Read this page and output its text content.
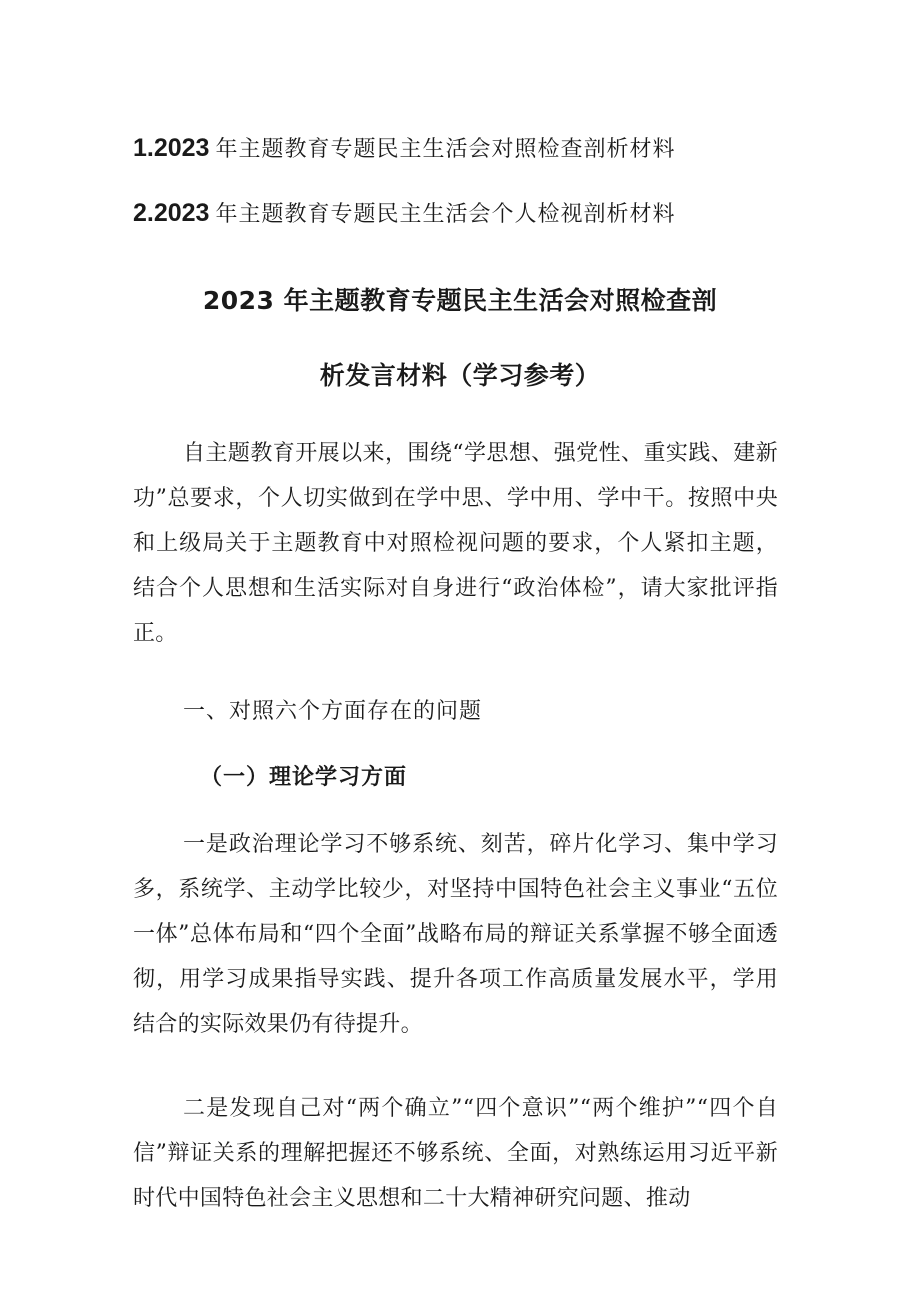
1.2023 年主题教育专题民主生活会对照检查剖析材料
2.2023 年主题教育专题民主生活会个人检视剖析材料
2023 年主题教育专题民主生活会对照检查剖
析发言材料（学习参考）
自主题教育开展以来，围绕“学思想、强党性、重实践、建新功”总要求，个人切实做到在学中思、学中用、学中干。按照中央和上级局关于主题教育中对照检视问题的要求，个人紧扣主题，结合个人思想和生活实际对自身进行“政治体检”，请大家批评指正。
一、对照六个方面存在的问题
（一）理论学习方面
一是政治理论学习不够系统、刻苦，碎片化学习、集中学习多，系统学、主动学比较少，对坚持中国特色社会主义事业“五位一体”总体布局和“四个全面”战略布局的辩证关系掌握不够全面透彻，用学习成果指导实践、提升各项工作高质量发展水平，学用结合的实际效果仍有待提升。
二是发现自己对“两个确立”“四个意识”“两个维护”“四个自信”辩证关系的理解把握还不够系统、全面，对熟练运用习近平新时代中国特色社会主义思想和二十大精神研究问题、推动
